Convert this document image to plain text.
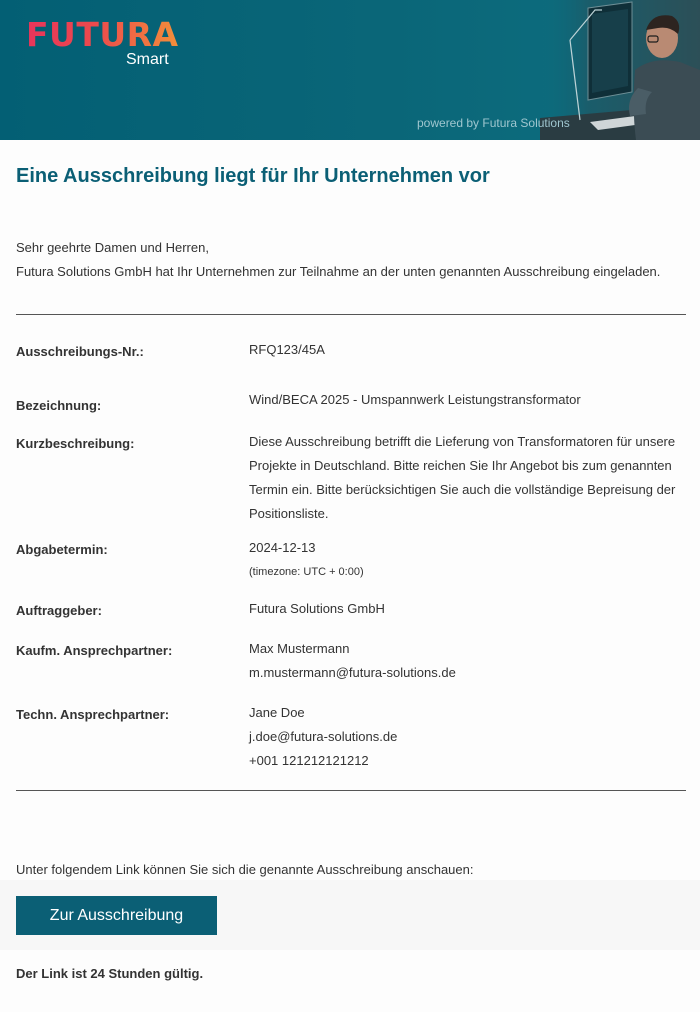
FUTURA
Smart
powered by Futura Solutions
Eine Ausschreibung liegt für Ihr Unternehmen vor
Sehr geehrte Damen und Herren,
Futura Solutions GmbH hat Ihr Unternehmen zur Teilnahme an der unten genannten Ausschreibung eingeladen.
Ausschreibungs-Nr.:	RFQ123/45A
Bezeichnung:	Wind/BECA 2025 - Umspannwerk Leistungstransformator
Kurzbeschreibung:	Diese Ausschreibung betrifft die Lieferung von Transformatoren für unsere Projekte in Deutschland. Bitte reichen Sie Ihr Angebot bis zum genannten Termin ein. Bitte berücksichtigen Sie auch die vollständige Bepreisung der Positionsliste.
Abgabetermin:	2024-12-13
(timezone: UTC + 0:00)
Auftraggeber:	Futura Solutions GmbH
Kaufm. Ansprechpartner:	Max Mustermann
m.mustermann@futura-solutions.de
Techn. Ansprechpartner:	Jane Doe
j.doe@futura-solutions.de
+001 121212121212
Unter folgendem Link können Sie sich die genannte Ausschreibung anschauen:
Zur Ausschreibung
Der Link ist 24 Stunden gültig.
